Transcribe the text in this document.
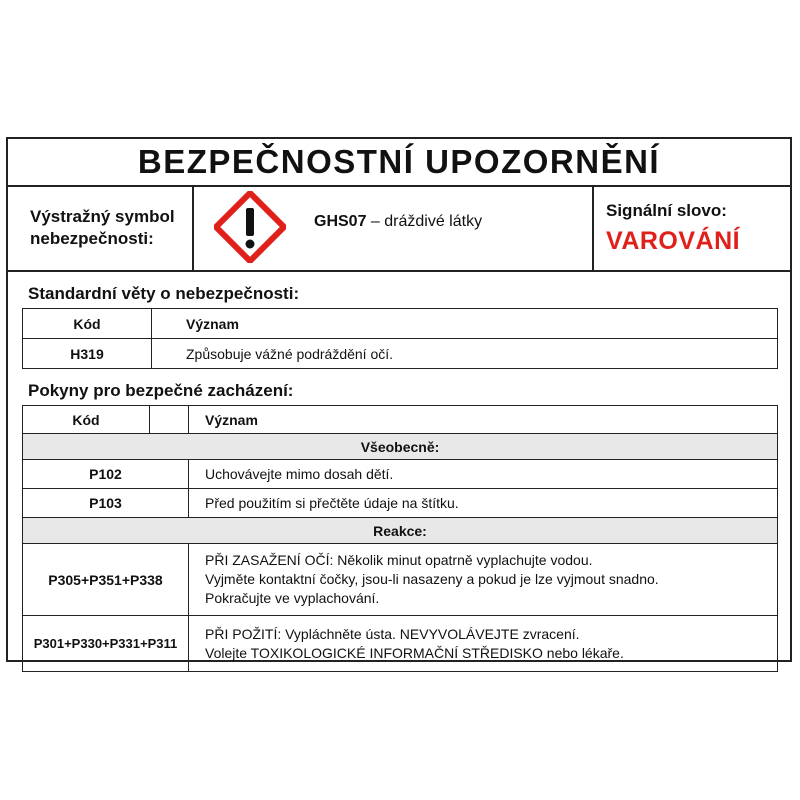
BEZPEČNOSTNÍ UPOZORNĚNÍ
Výstražný symbol
nebezpečnosti:
GHS07 – dráždivé látky
Signální slovo:
VAROVÁNÍ
Standardní věty o nebezpečnosti:
Kód	Význam
H319	Způsobuje vážné podráždění očí.
Pokyny pro bezpečné zacházení:
Kód		Význam
Všeobecně:		
P102		Uchovávejte mimo dosah dětí.
P103		Před použitím si přečtěte údaje na štítku.
Reakce:		
P305+P351+P338		PŘI ZASAŽENÍ OČÍ: Několik minut opatrně vyplachujte vodou.
Vyjměte kontaktní čočky, jsou-li nasazeny a pokud je lze vyjmout snadno.
Pokračujte ve vyplachování.

P301+P330+P331+P311		PŘI POŽITÍ: Vypláchněte ústa. NEVYVOLÁVEJTE zvracení.
Volejte TOXIKOLOGICKÉ INFORMAČNÍ STŘEDISKO nebo lékaře.
